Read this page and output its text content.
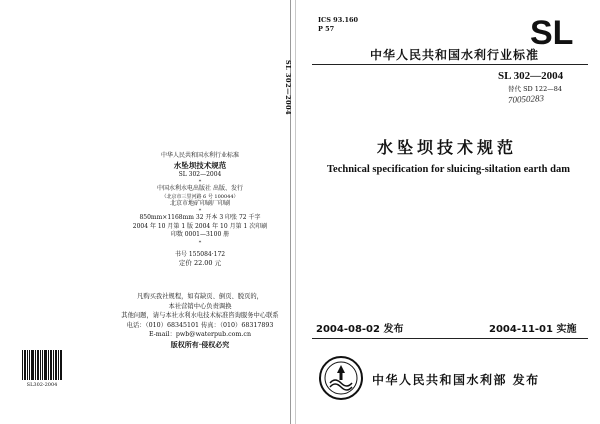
中华人民共和国水利行业标准
水坠坝技术规范
SL 302—2004
*
中国水利水电出版社 出版、发行
（北京市三里河路 6 号 100044）
北京市地矿印刷厂印刷
*
850mm×1168mm 32 开本 3 印张 72 千字
2004 年 10 月第 1 版 2004 年 10 月第 1 次印刷
印数 0001—3100 册
*
书号 155084·172
定价 22.00 元
凡购买我社规程，如有缺页、倒页、脱页的，
本社营销中心负责调换
其他问题，请与本社水利水电技术标准咨询服务中心联系
电话：（010）68345101 传真：（010）68317893
E-mail：pwb@waterpub.com.cn
版权所有·侵权必究
SL302-2004
SL 302—2004
ICS 93.160
P 57	SL
中华人民共和国水利行业标准
SL 302—2004
替代 SD 122—84
70050283
水坠坝技术规范
Technical specification for sluicing-siltation earth dam
2004-08-02 发布	2004-11-01 实施
中华人民共和国水利部 发布
